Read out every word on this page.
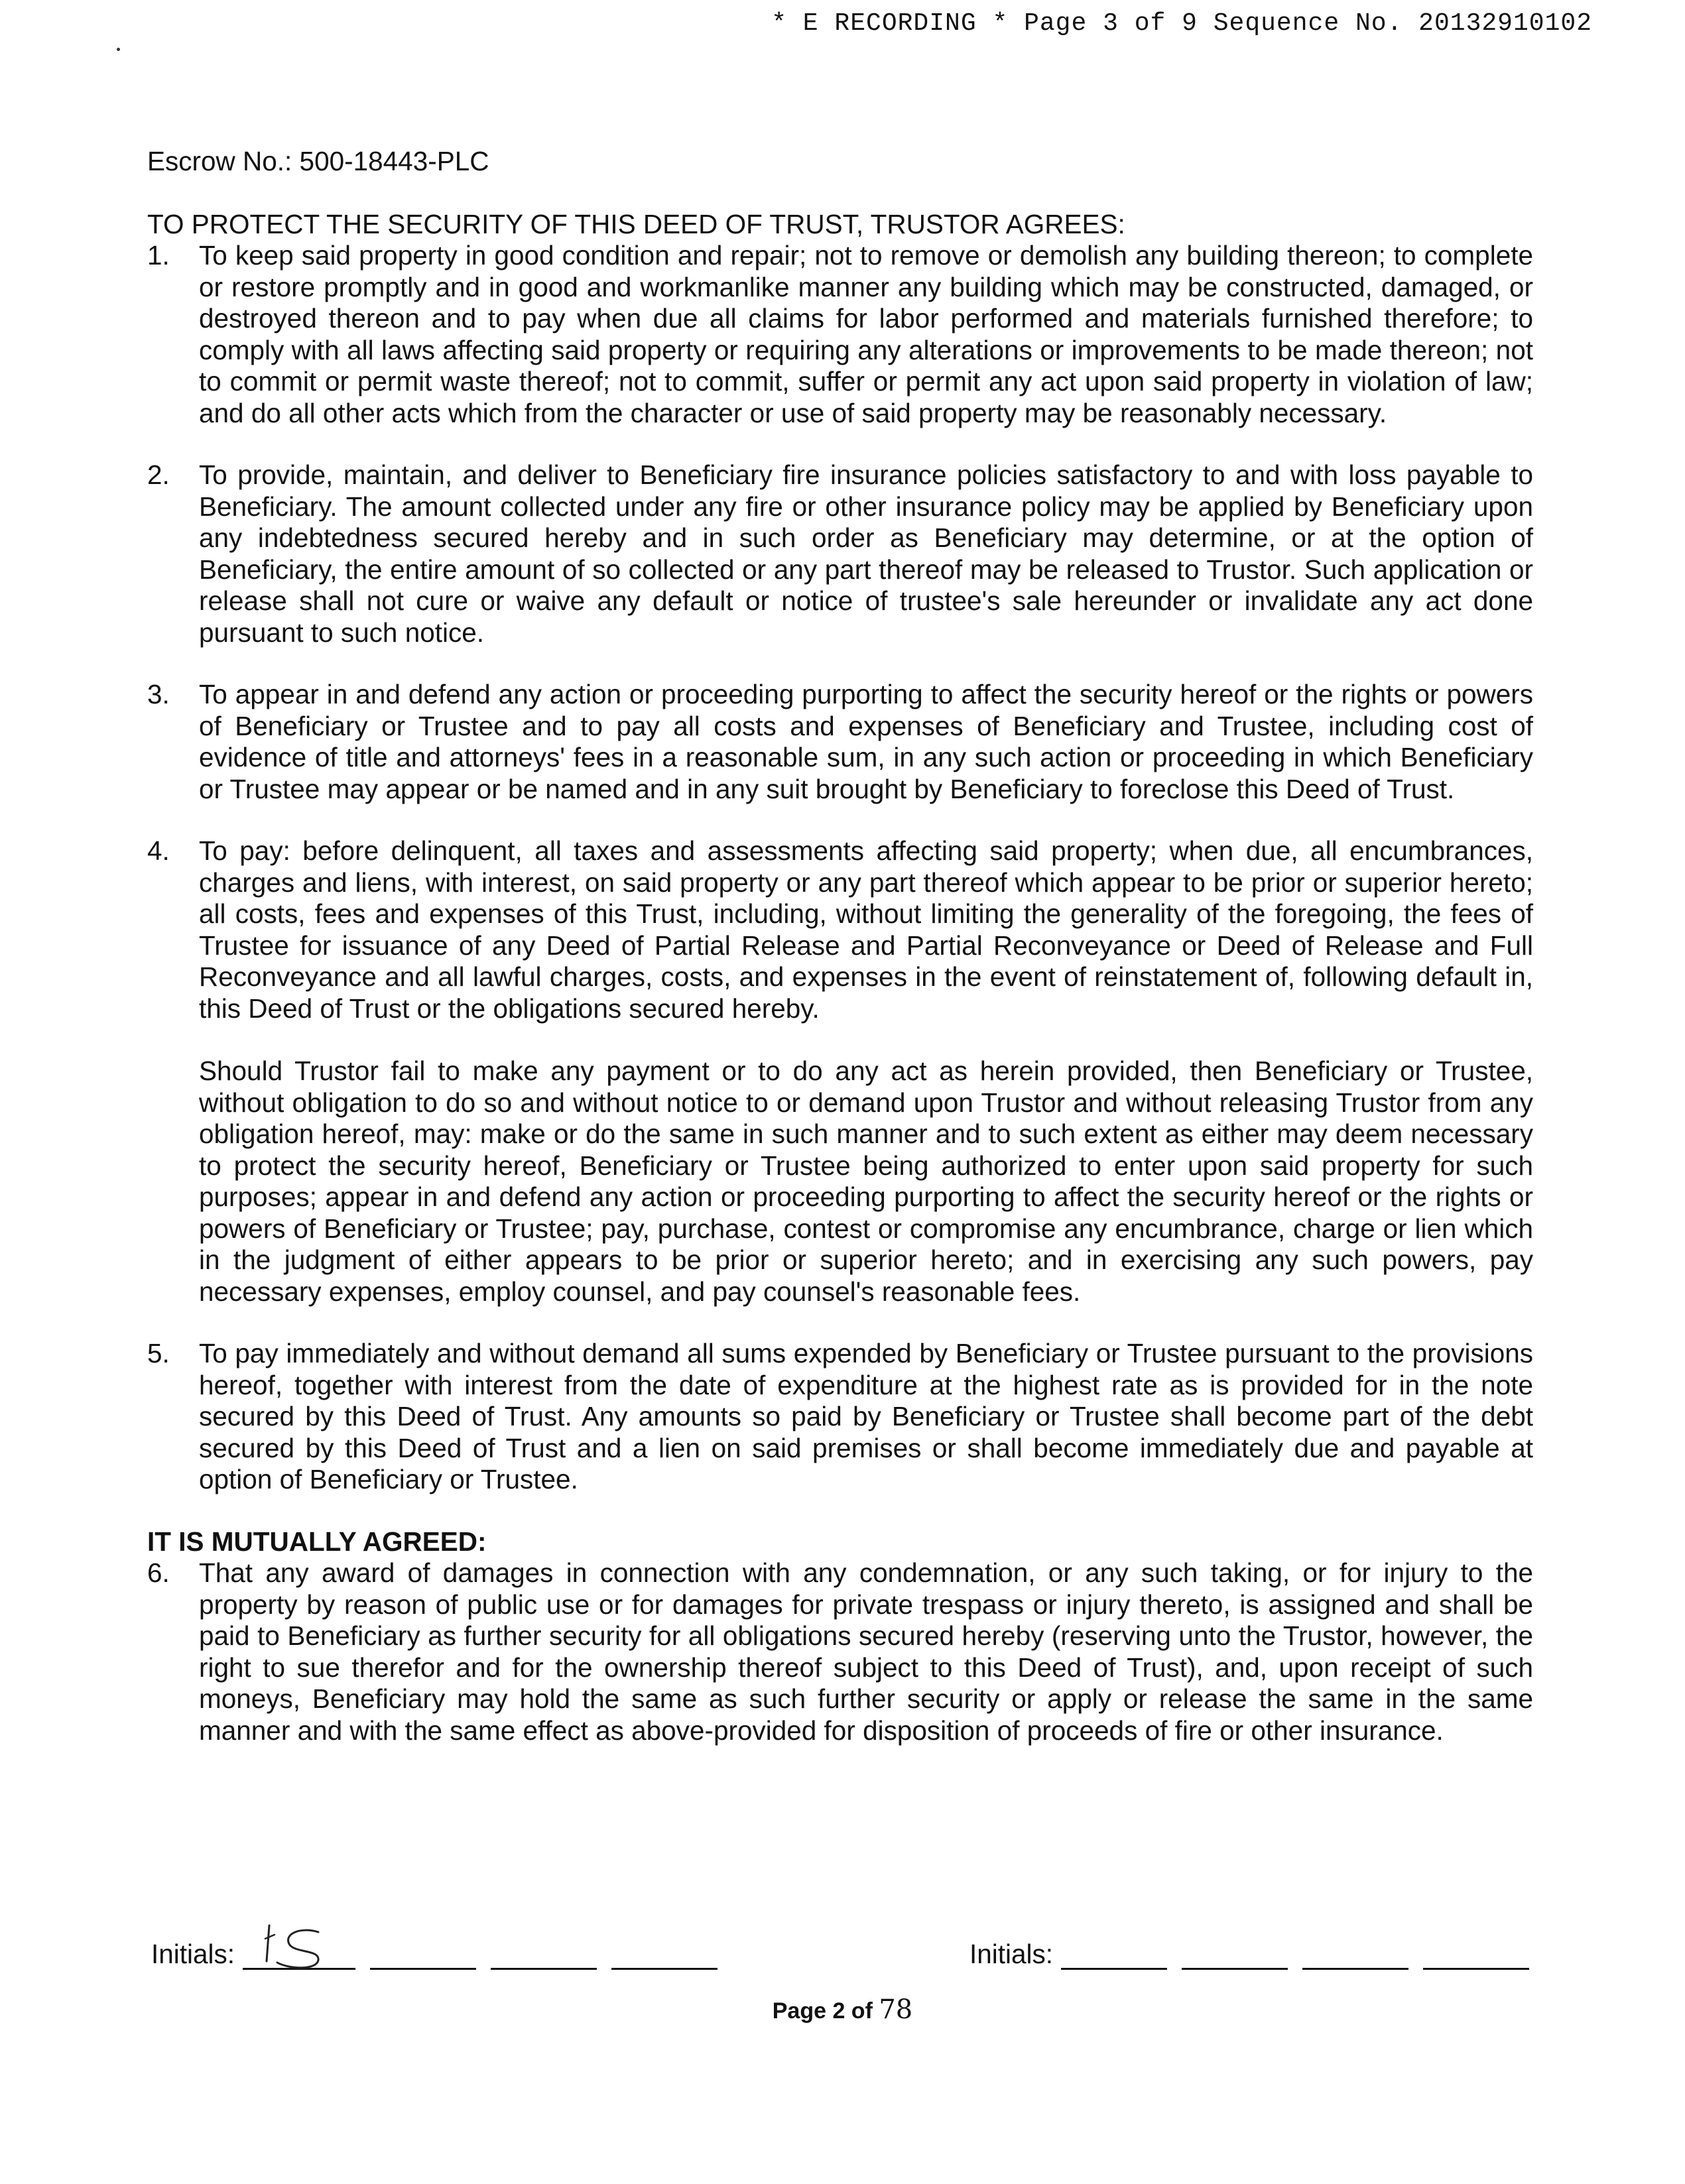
* E RECORDING * Page 3 of 9 Sequence No. 20132910102

Escrow No.: 500-18443-PLC

TO PROTECT THE SECURITY OF THIS DEED OF TRUST, TRUSTOR AGREES:

1. To keep said property in good condition and repair; not to remove or demolish any building thereon; to complete or restore promptly and in good and workmanlike manner any building which may be constructed, damaged, or destroyed thereon and to pay when due all claims for labor performed and materials furnished therefore; to comply with all laws affecting said property or requiring any alterations or improvements to be made thereon; not to commit or permit waste thereof; not to commit, suffer or permit any act upon said property in violation of law; and do all other acts which from the character or use of said property may be reasonably necessary.

2. To provide, maintain, and deliver to Beneficiary fire insurance policies satisfactory to and with loss payable to Beneficiary. The amount collected under any fire or other insurance policy may be applied by Beneficiary upon any indebtedness secured hereby and in such order as Beneficiary may determine, or at the option of Beneficiary, the entire amount of so collected or any part thereof may be released to Trustor. Such application or release shall not cure or waive any default or notice of trustee's sale hereunder or invalidate any act done pursuant to such notice.

3. To appear in and defend any action or proceeding purporting to affect the security hereof or the rights or powers of Beneficiary or Trustee and to pay all costs and expenses of Beneficiary and Trustee, including cost of evidence of title and attorneys' fees in a reasonable sum, in any such action or proceeding in which Beneficiary or Trustee may appear or be named and in any suit brought by Beneficiary to foreclose this Deed of Trust.

4. To pay: before delinquent, all taxes and assessments affecting said property; when due, all encumbrances, charges and liens, with interest, on said property or any part thereof which appear to be prior or superior hereto; all costs, fees and expenses of this Trust, including, without limiting the generality of the foregoing, the fees of Trustee for issuance of any Deed of Partial Release and Partial Reconveyance or Deed of Release and Full Reconveyance and all lawful charges, costs, and expenses in the event of reinstatement of, following default in, this Deed of Trust or the obligations secured hereby.

Should Trustor fail to make any payment or to do any act as herein provided, then Beneficiary or Trustee, without obligation to do so and without notice to or demand upon Trustor and without releasing Trustor from any obligation hereof, may: make or do the same in such manner and to such extent as either may deem necessary to protect the security hereof, Beneficiary or Trustee being authorized to enter upon said property for such purposes; appear in and defend any action or proceeding purporting to affect the security hereof or the rights or powers of Beneficiary or Trustee; pay, purchase, contest or compromise any encumbrance, charge or lien which in the judgment of either appears to be prior or superior hereto; and in exercising any such powers, pay necessary expenses, employ counsel, and pay counsel's reasonable fees.

5. To pay immediately and without demand all sums expended by Beneficiary or Trustee pursuant to the provisions hereof, together with interest from the date of expenditure at the highest rate as is provided for in the note secured by this Deed of Trust. Any amounts so paid by Beneficiary or Trustee shall become part of the debt secured by this Deed of Trust and a lien on said premises or shall become immediately due and payable at option of Beneficiary or Trustee.

IT IS MUTUALLY AGREED:

6. That any award of damages in connection with any condemnation, or any such taking, or for injury to the property by reason of public use or for damages for private trespass or injury thereto, is assigned and shall be paid to Beneficiary as further security for all obligations secured hereby (reserving unto the Trustor, however, the right to sue therefor and for the ownership thereof subject to this Deed of Trust), and, upon receipt of such moneys, Beneficiary may hold the same as such further security or apply or release the same in the same manner and with the same effect as above-provided for disposition of proceeds of fire or other insurance.

Initials:	Initials:
Page 2 of 78
